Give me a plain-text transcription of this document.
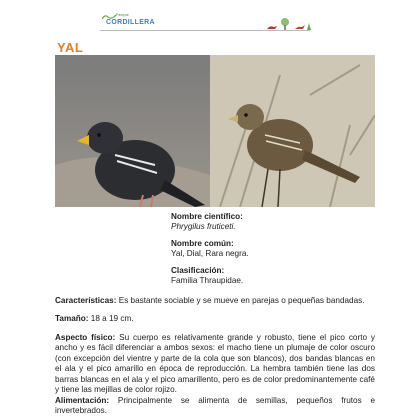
Parque
CORDILLERA
YAL
Nombre científico:
Phrygilus fruticeti.
Nombre común:
Yal, Dial, Rara negra.
Clasificación:
Familia Thraupidae.
Características: Es bastante sociable y se mueve en parejas o pequeñas bandadas.
Tamaño: 18 a 19 cm.
Aspecto físico: Su cuerpo es relativamente grande y robusto, tiene el pico corto y ancho y es fácil diferenciar a ambos sexos: el macho tiene un plumaje de color oscuro (con excepción del vientre y parte de la cola que son blancos), dos bandas blancas en el ala y el pico amarillo en época de reproducción. La hembra también tiene las dos barras blancas en el ala y el pico amarillento, pero es de color predominantemente café y tiene las mejillas de color rojizo.
Alimentación: Principalmente se alimenta de semillas, pequeños frutos e invertebrados.
